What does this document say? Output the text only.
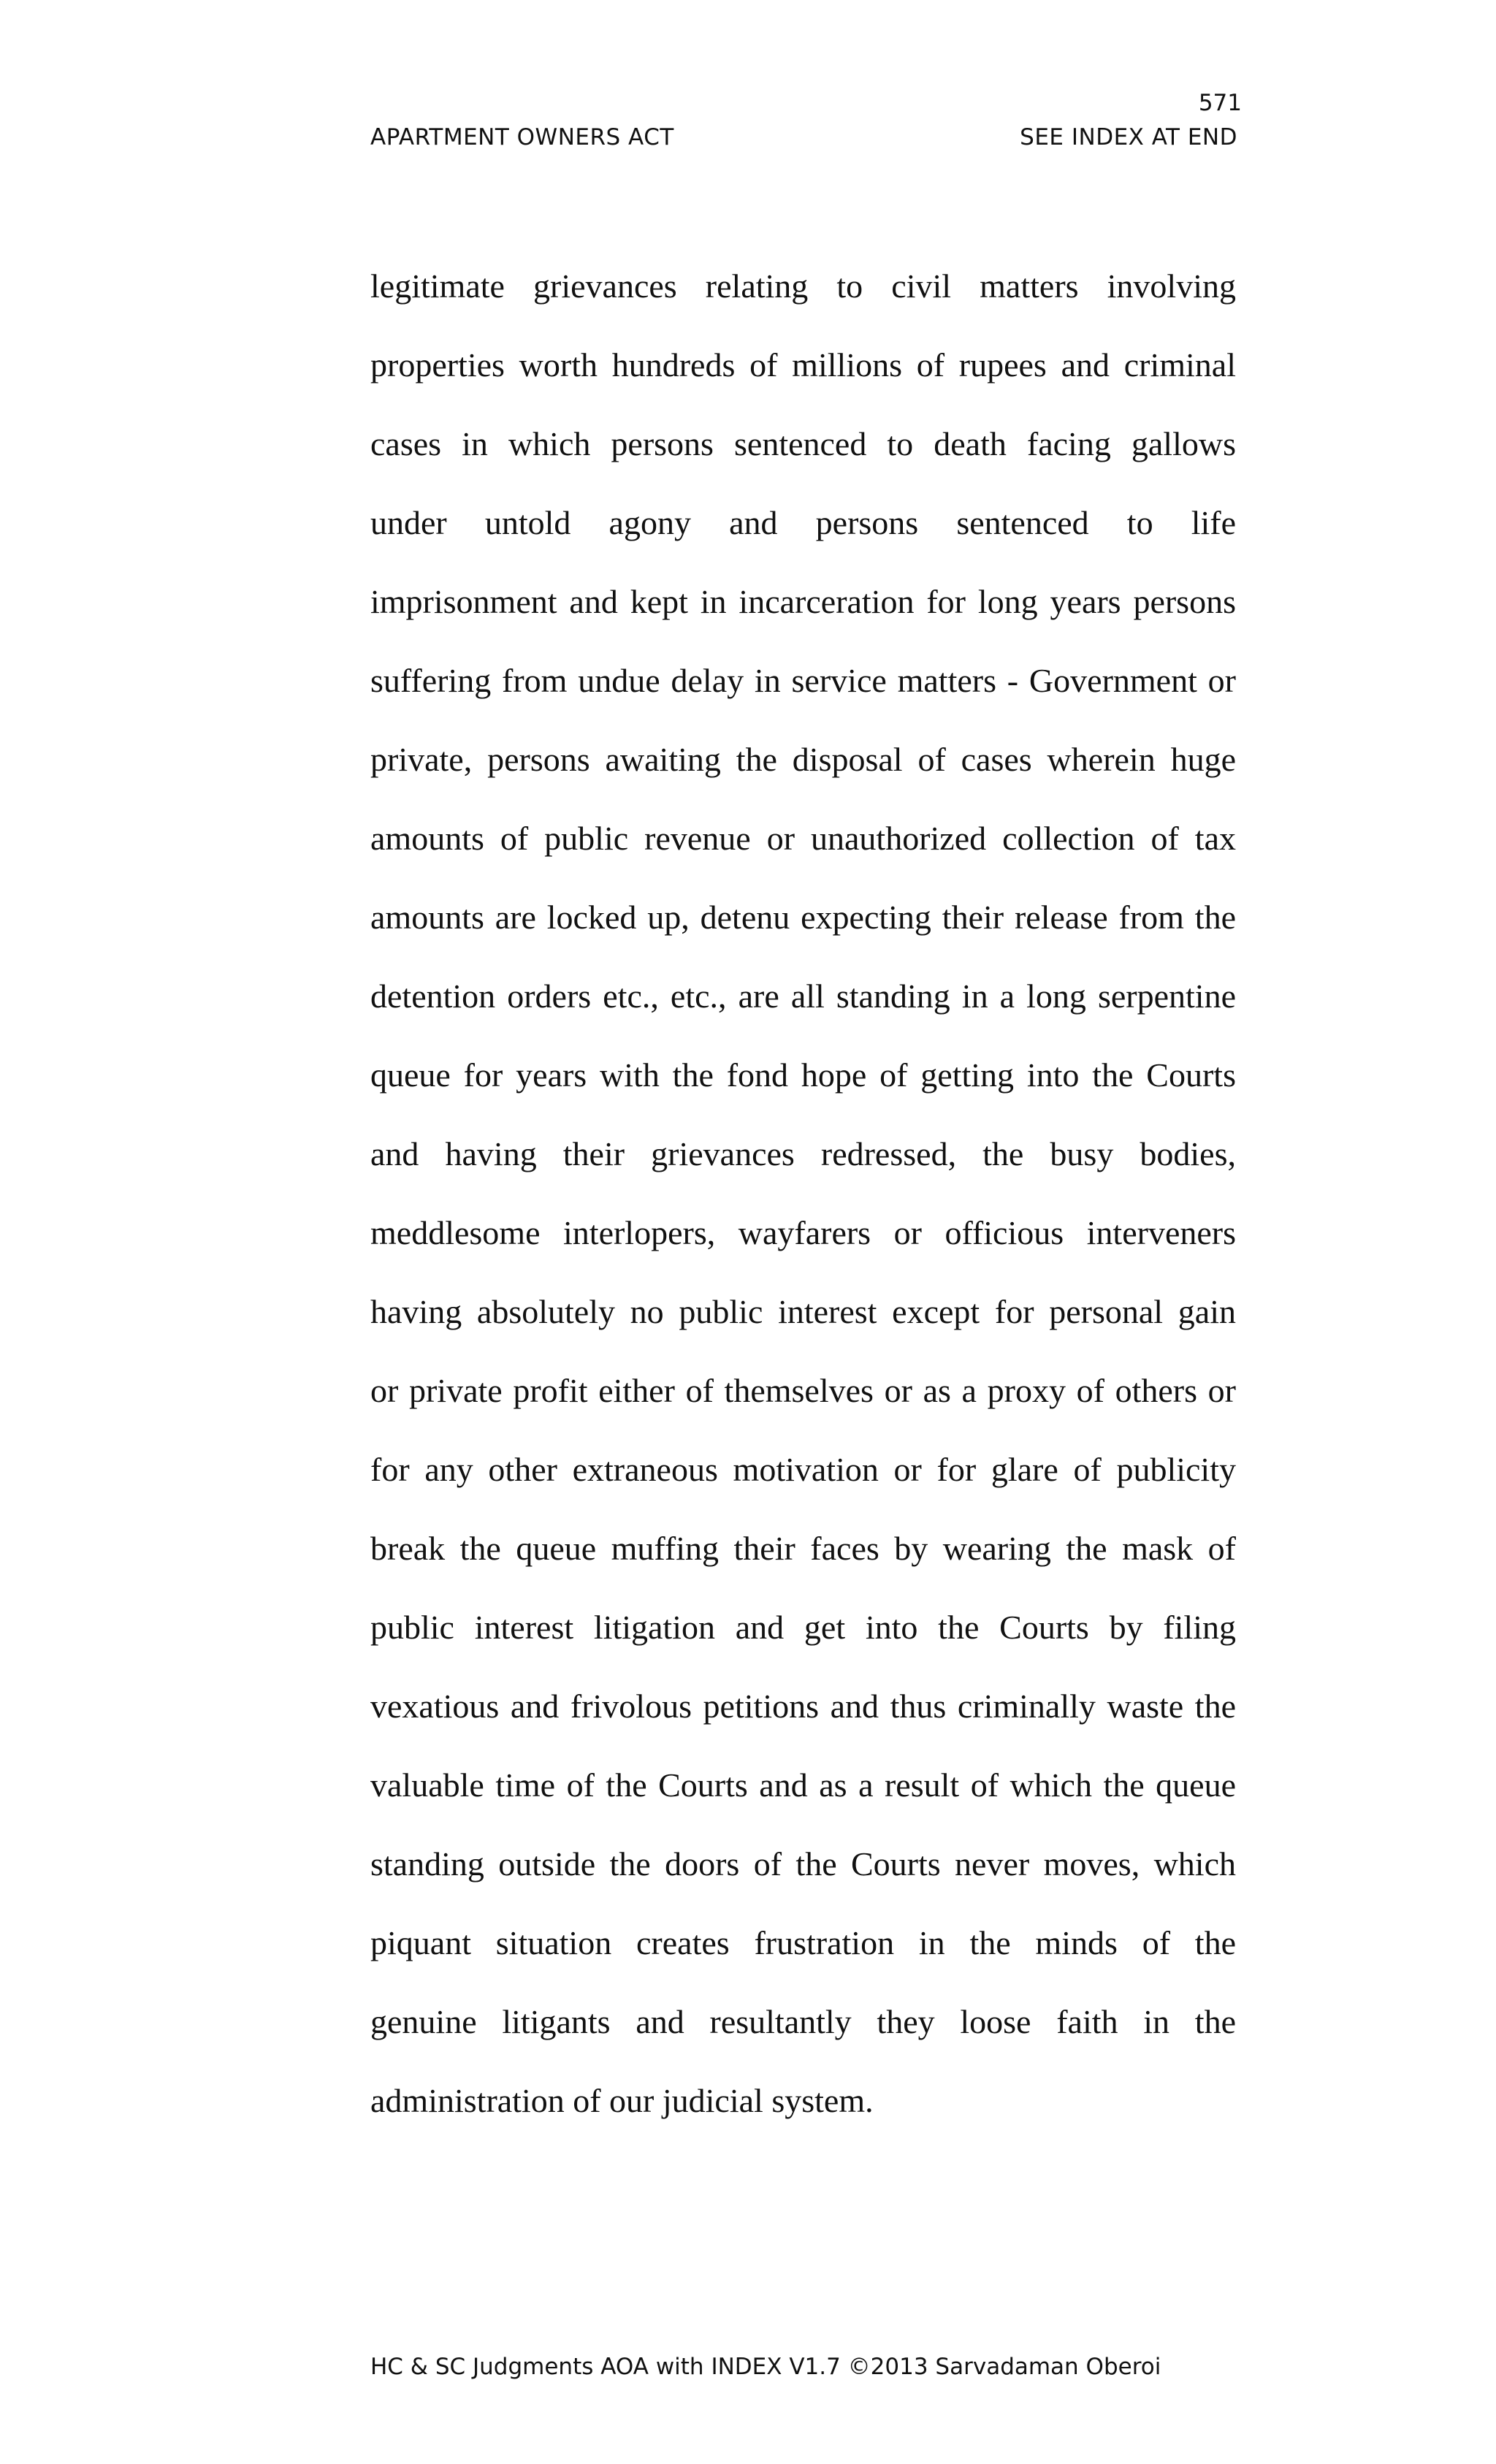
571
APARTMENT OWNERS ACT	SEE INDEX AT END
legitimate grievances relating to civil matters involving
properties worth hundreds of millions of rupees and criminal
cases in which persons sentenced to death facing gallows
under untold agony and persons sentenced to life
imprisonment and kept in incarceration for long years persons
suffering from undue delay in service matters - Government or
private, persons awaiting the disposal of cases wherein huge
amounts of public revenue or unauthorized collection of tax
amounts are locked up, detenu expecting their release from the
detention orders etc., etc., are all standing in a long serpentine
queue for years with the fond hope of getting into the Courts
and having their grievances redressed, the busy bodies,
meddlesome interlopers, wayfarers or officious interveners
having absolutely no public interest except for personal gain
or private profit either of themselves or as a proxy of others or
for any other extraneous motivation or for glare of publicity
break the queue muffing their faces by wearing the mask of
public interest litigation and get into the Courts by filing
vexatious and frivolous petitions and thus criminally waste the
valuable time of the Courts and as a result of which the queue
standing outside the doors of the Courts never moves, which
piquant situation creates frustration in the minds of the
genuine litigants and resultantly they loose faith in the
administration of our judicial system.
HC & SC Judgments AOA with INDEX V1.7 ©2013 Sarvadaman Oberoi
